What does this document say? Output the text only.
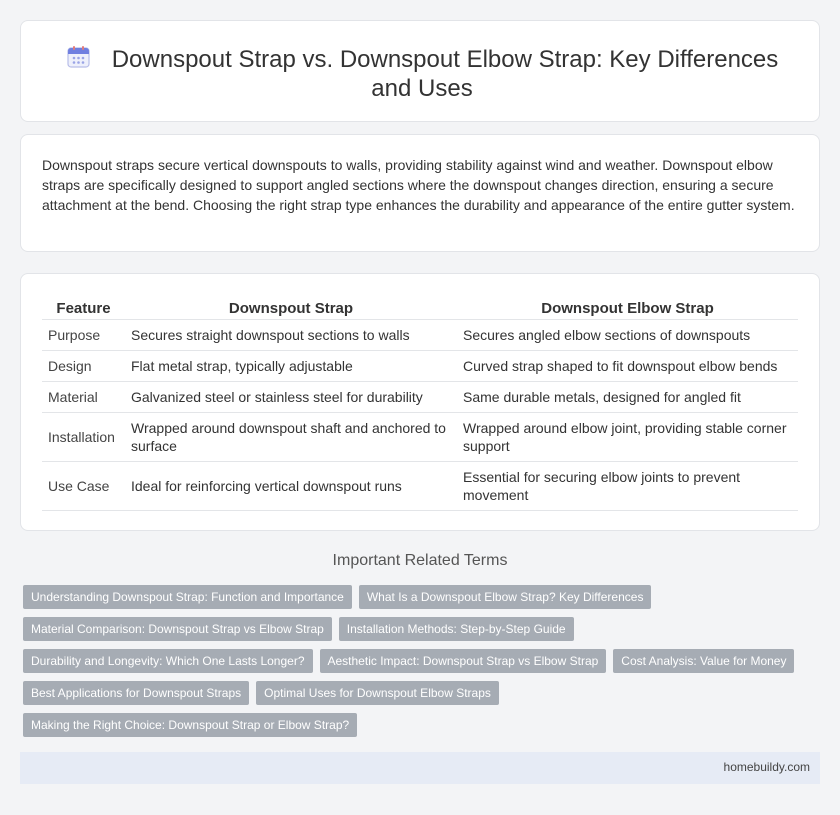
Downspout Strap vs. Downspout Elbow Strap: Key Differences and Uses

Downspout straps secure vertical downspouts to walls, providing stability against wind and weather. Downspout elbow straps are specifically designed to support angled sections where the downspout changes direction, ensuring a secure attachment at the bend. Choosing the right strap type enhances the durability and appearance of the entire gutter system.

Feature	Downspout Strap	Downspout Elbow Strap
Purpose	Secures straight downspout sections to walls	Secures angled elbow sections of downspouts
Design	Flat metal strap, typically adjustable	Curved strap shaped to fit downspout elbow bends
Material	Galvanized steel or stainless steel for durability	Same durable metals, designed for angled fit
Installation	Wrapped around downspout shaft and anchored to surface	Wrapped around elbow joint, providing stable corner support
Use Case	Ideal for reinforcing vertical downspout runs	Essential for securing elbow joints to prevent movement
Important Related Terms
Understanding Downspout Strap: Function and Importance	What Is a Downspout Elbow Strap? Key Differences
Material Comparison: Downspout Strap vs Elbow Strap	Installation Methods: Step-by-Step Guide
Durability and Longevity: Which One Lasts Longer?	Aesthetic Impact: Downspout Strap vs Elbow Strap	Cost Analysis: Value for Money
Best Applications for Downspout Straps	Optimal Uses for Downspout Elbow Straps
Making the Right Choice: Downspout Strap or Elbow Strap?
homebuildy.com
